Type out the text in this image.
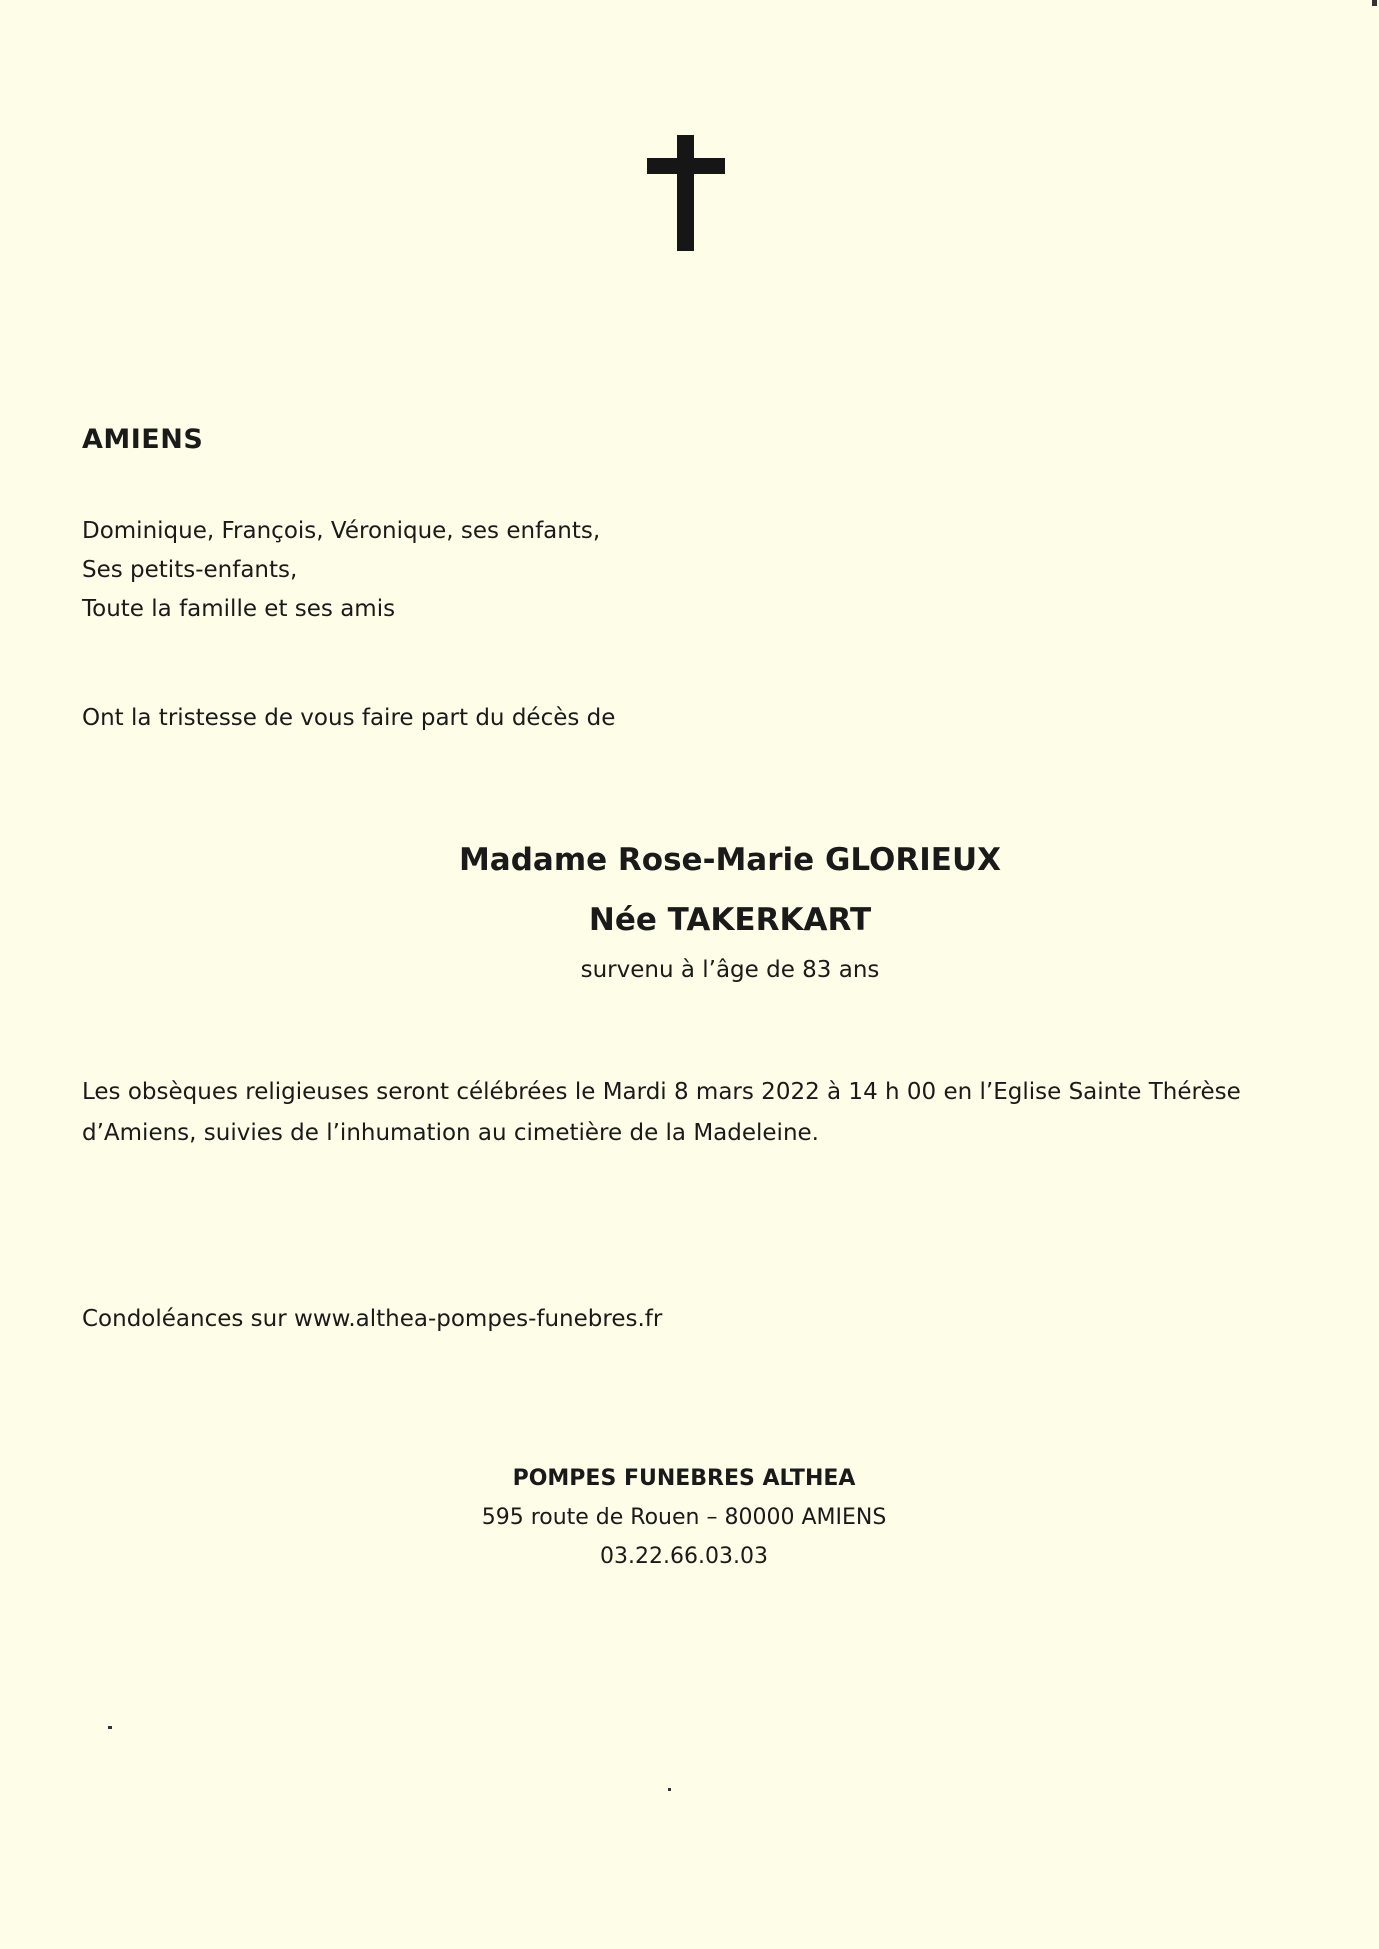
AMIENS
Dominique, François, Véronique, ses enfants,
Ses petits-enfants,
Toute la famille et ses amis
Ont la tristesse de vous faire part du décès de
Madame Rose-Marie GLORIEUX
Née TAKERKART
survenu à l’âge de 83 ans
Les obsèques religieuses seront célébrées le Mardi 8 mars 2022 à 14 h 00 en l’Eglise Sainte Thérèse
d’Amiens, suivies de l’inhumation au cimetière de la Madeleine.
Condoléances sur www.althea-pompes-funebres.fr
POMPES FUNEBRES ALTHEA
595 route de Rouen – 80000 AMIENS
03.22.66.03.03
